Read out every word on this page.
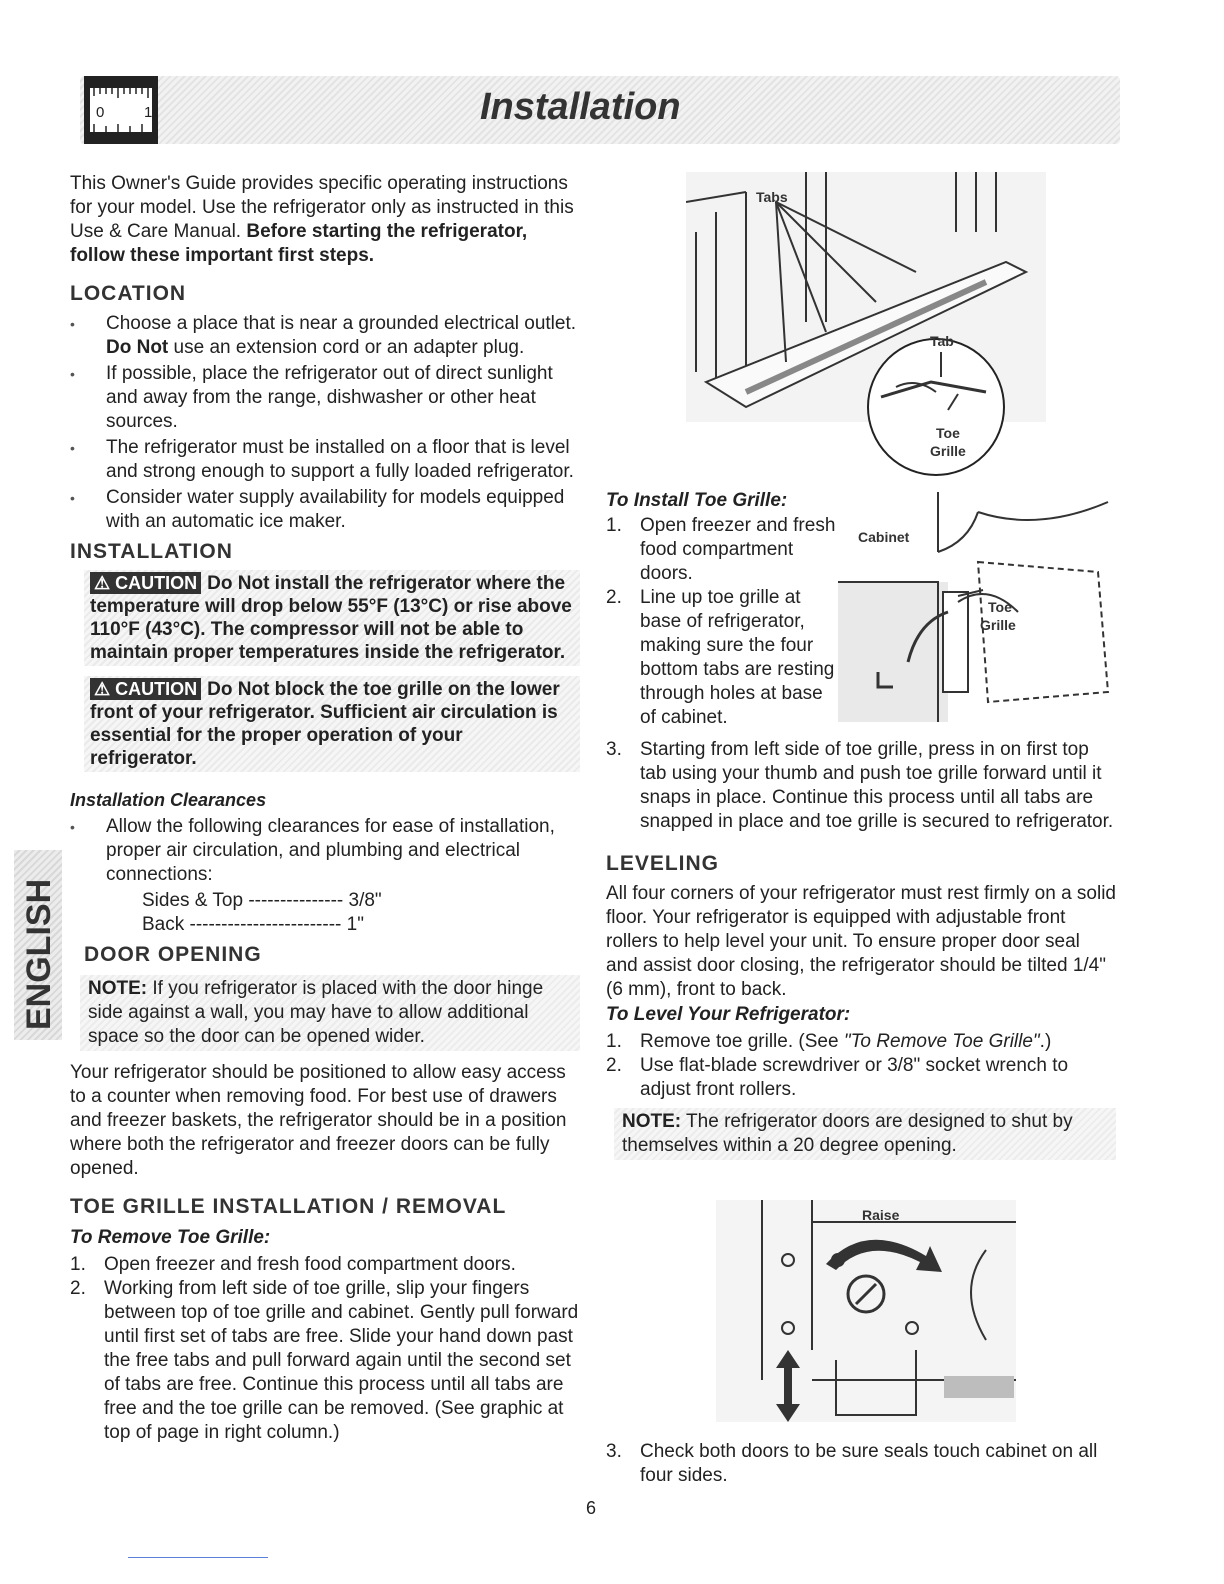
0	1	Installation

This Owner's Guide provides specific operating instructions for your model. Use the refrigerator only as instructed in this Use & Care Manual. Before starting the refrigerator, follow these important first steps.

LOCATION
• Choose a place that is near a grounded electrical outlet. Do Not use an extension cord or an adapter plug.
• If possible, place the refrigerator out of direct sunlight and away from the range, dishwasher or other heat sources.
• The refrigerator must be installed on a floor that is level and strong enough to support a fully loaded refrigerator.
• Consider water supply availability for models equipped with an automatic ice maker.
INSTALLATION
⚠ CAUTION Do Not install the refrigerator where the temperature will drop below 55°F (13°C) or rise above 110°F (43°C). The compressor will not be able to maintain proper temperatures inside the refrigerator.
⚠ CAUTION Do Not block the toe grille on the lower front of your refrigerator. Sufficient air circulation is essential for the proper operation of your refrigerator.

Installation Clearances

• Allow the following clearances for ease of installation, proper air circulation, and plumbing and electrical connections:

Sides & Top --------------- 3/8"

Back ------------------------ 1"

DOOR OPENING
NOTE: If you refrigerator is placed with the door hinge side against a wall, you may have to allow additional space so the door can be opened wider.

Your refrigerator should be positioned to allow easy access to a counter when removing food. For best use of drawers and freezer baskets, the refrigerator should be in a position where both the refrigerator and freezer doors can be fully opened.

TOE GRILLE INSTALLATION / REMOVAL

To Remove Toe Grille:

1. Open freezer and fresh food compartment doors.
2. Working from left side of toe grille, slip your fingers between top of toe grille and cabinet. Gently pull forward until first set of tabs are free. Slide your hand down past the free tabs and pull forward again until the second set of tabs are free. Continue this process until all tabs are free and the toe grille can be removed. (See graphic at top of page in right column.)
ENGLISH
Tabs
Tab
Toe
Grille

To Install Toe Grille:

1. Open freezer and fresh food compartment doors.
2. Line up toe grille at base of refrigerator, making sure the four bottom tabs are resting through holes at base of cabinet.
Cabinet
Toe
Grille
3. Starting from left side of toe grille, press in on first top tab using your thumb and push toe grille forward until it snaps in place. Continue this process until all tabs are snapped in place and toe grille is secured to refrigerator.
LEVELING

All four corners of your refrigerator must rest firmly on a solid floor. Your refrigerator is equipped with adjustable front rollers to help level your unit. To ensure proper door seal and assist door closing, the refrigerator should be tilted 1/4" (6 mm), front to back.

To Level Your Refrigerator:

1. Remove toe grille. (See "To Remove Toe Grille".)
2. Use flat-blade screwdriver or 3/8" socket wrench to adjust front rollers.
NOTE: The refrigerator doors are designed to shut by themselves within a 20 degree opening.
Raise
3. Check both doors to be sure seals touch cabinet on all four sides.
6
